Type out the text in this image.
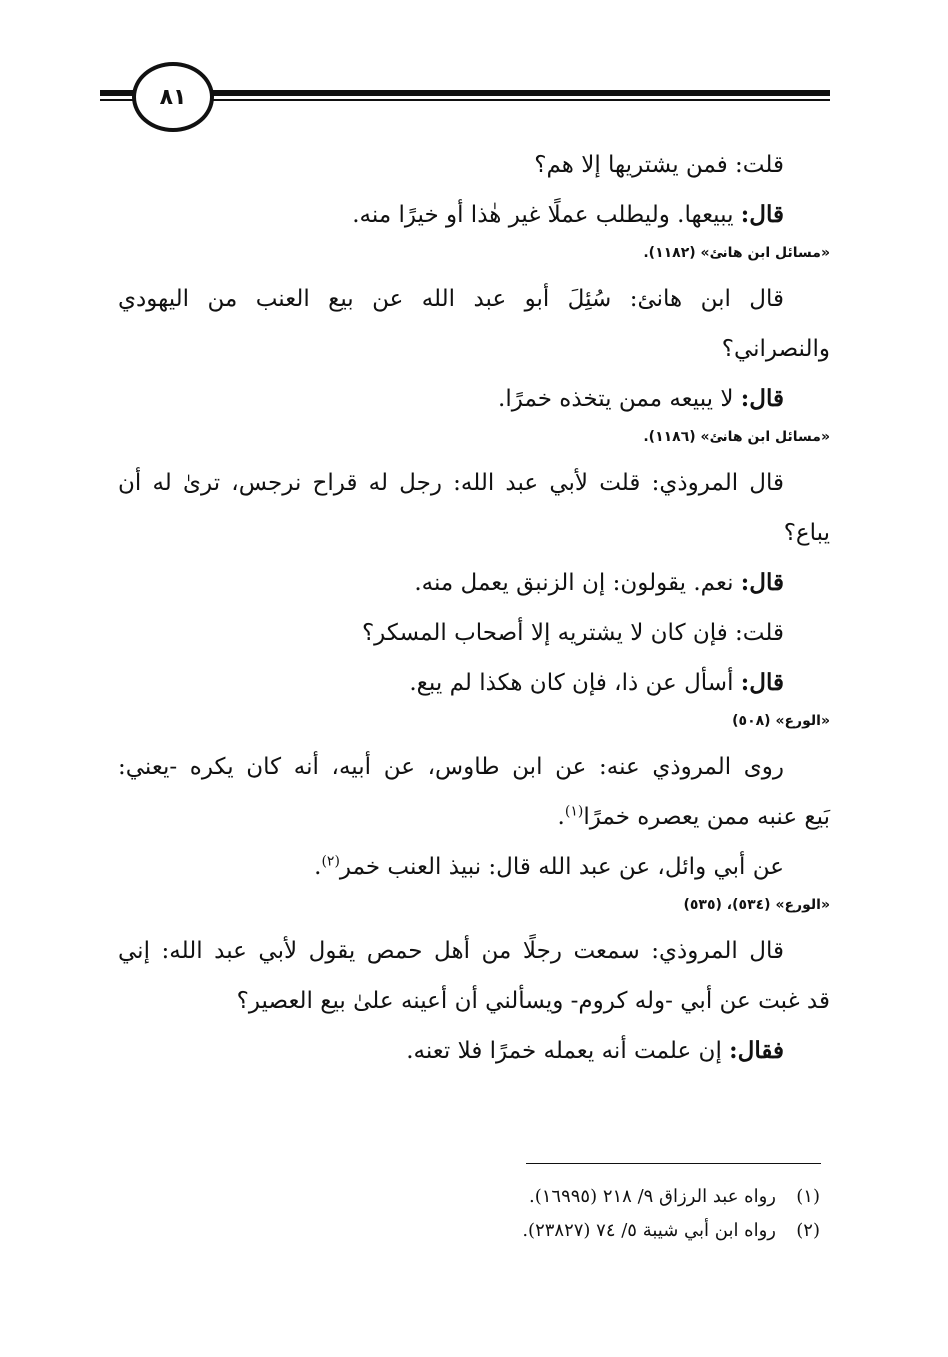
٨١
قلت: فمن يشتريها إلا هم؟
قال: يبيعها. وليطلب عملًا غير هٰذا أو خيرًا منه.
«مسائل ابن هانئ» (١١٨٢).
قال ابن هانئ: سُئِلَ أبو عبد الله عن بيع العنب من اليهودي
والنصراني؟
قال: لا يبيعه ممن يتخذه خمرًا.
«مسائل ابن هانئ» (١١٨٦).
قال المروذي: قلت لأبي عبد الله: رجل له قراح نرجس، ترىٰ له أن
يباع؟
قال: نعم. يقولون: إن الزنبق يعمل منه.
قلت: فإن كان لا يشتريه إلا أصحاب المسكر؟
قال: أسأل عن ذا، فإن كان هكذا لم يبع.
«الورع» (٥٠٨)
روى المروذي عنه: عن ابن طاوس، عن أبيه، أنه كان يكره -يعني:
بَيع عنبه ممن يعصره خمرًا$^{(١)}$.
عن أبي وائل، عن عبد الله قال: نبيذ العنب خمر$^{(٢)}$.
«الورع» (٥٣٤)، (٥٣٥)
قال المروذي: سمعت رجلًا من أهل حمص يقول لأبي عبد الله: إني
قد غبت عن أبي -وله كروم- ويسألني أن أعينه علىٰ بيع العصير؟
فقال: إن علمت أنه يعمله خمرًا فلا تعنه.
(١)رواه عبد الرزاق ٩/ ٢١٨ (١٦٩٩٥).
(٢)رواه ابن أبي شيبة ٥/ ٧٤ (٢٣٨٢٧).
